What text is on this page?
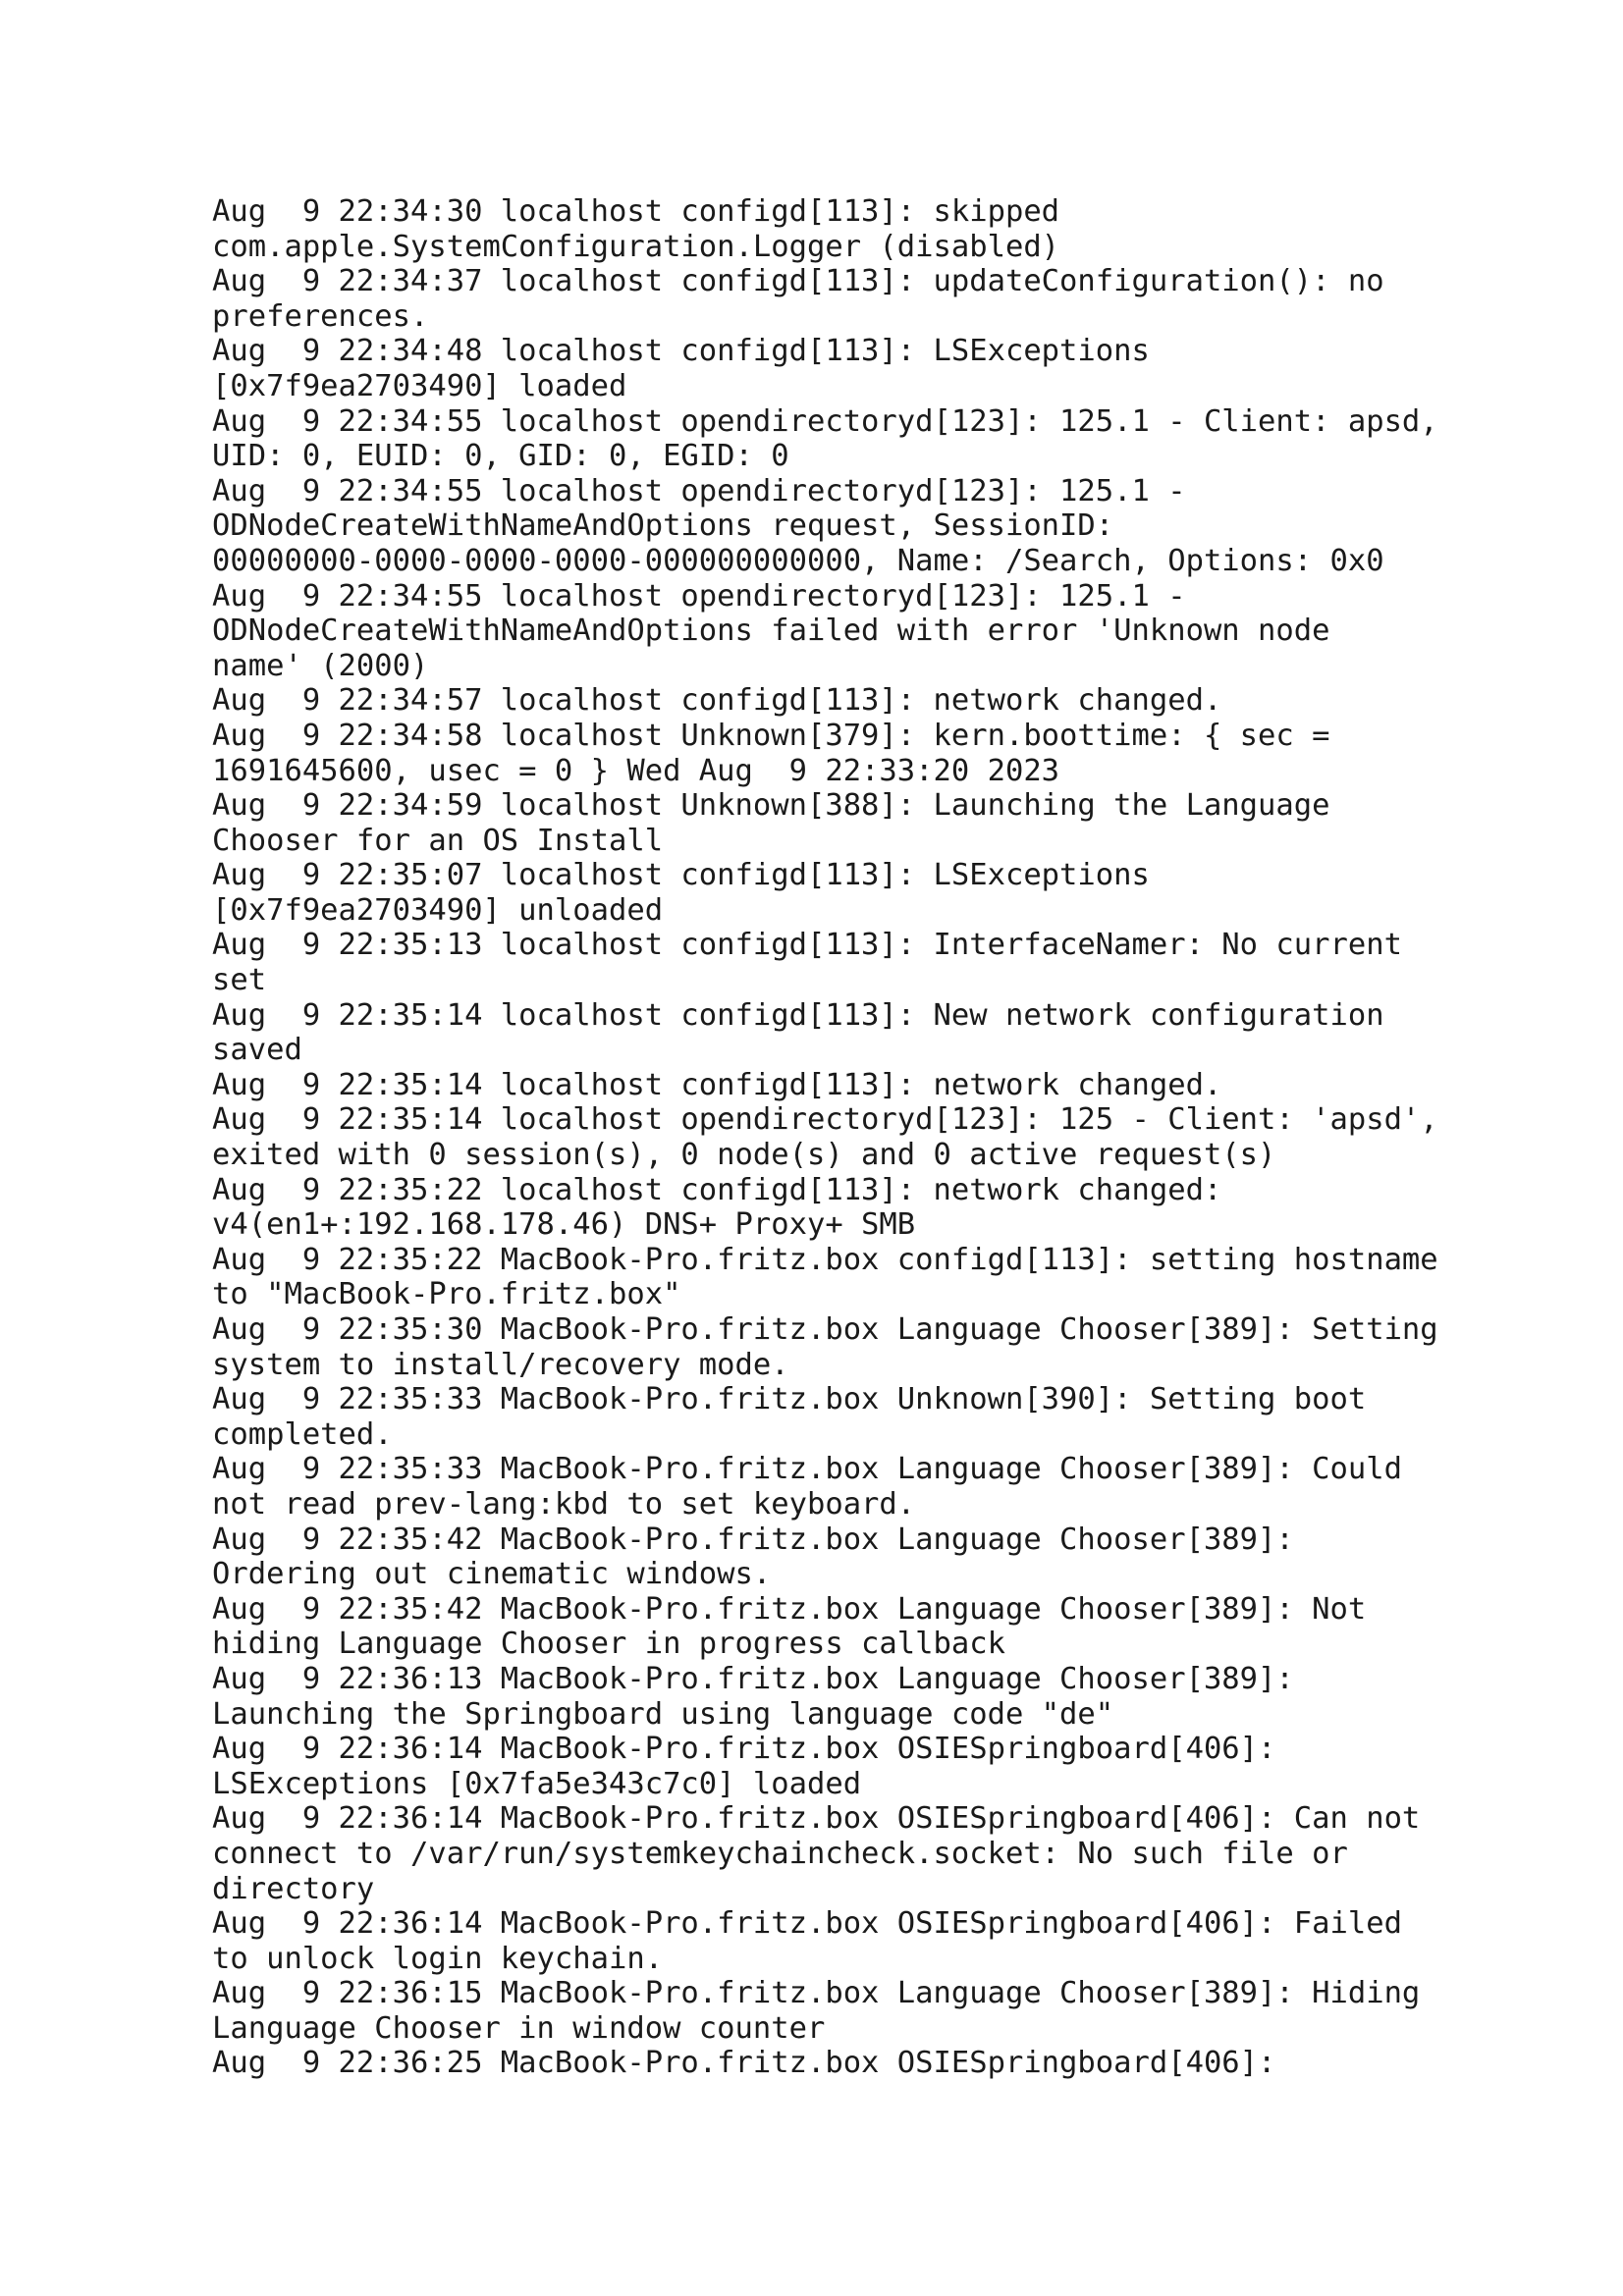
Aug  9 22:34:30 localhost configd[113]: skipped
com.apple.SystemConfiguration.Logger (disabled)
Aug  9 22:34:37 localhost configd[113]: updateConfiguration(): no
preferences.
Aug  9 22:34:48 localhost configd[113]: LSExceptions
[0x7f9ea2703490] loaded
Aug  9 22:34:55 localhost opendirectoryd[123]: 125.1 - Client: apsd,
UID: 0, EUID: 0, GID: 0, EGID: 0
Aug  9 22:34:55 localhost opendirectoryd[123]: 125.1 -
ODNodeCreateWithNameAndOptions request, SessionID:
00000000-0000-0000-0000-000000000000, Name: /Search, Options: 0x0
Aug  9 22:34:55 localhost opendirectoryd[123]: 125.1 -
ODNodeCreateWithNameAndOptions failed with error 'Unknown node
name' (2000)
Aug  9 22:34:57 localhost configd[113]: network changed.
Aug  9 22:34:58 localhost Unknown[379]: kern.boottime: { sec =
1691645600, usec = 0 } Wed Aug  9 22:33:20 2023
Aug  9 22:34:59 localhost Unknown[388]: Launching the Language
Chooser for an OS Install
Aug  9 22:35:07 localhost configd[113]: LSExceptions
[0x7f9ea2703490] unloaded
Aug  9 22:35:13 localhost configd[113]: InterfaceNamer: No current
set
Aug  9 22:35:14 localhost configd[113]: New network configuration
saved
Aug  9 22:35:14 localhost configd[113]: network changed.
Aug  9 22:35:14 localhost opendirectoryd[123]: 125 - Client: 'apsd',
exited with 0 session(s), 0 node(s) and 0 active request(s)
Aug  9 22:35:22 localhost configd[113]: network changed:
v4(en1+:192.168.178.46) DNS+ Proxy+ SMB
Aug  9 22:35:22 MacBook-Pro.fritz.box configd[113]: setting hostname
to "MacBook-Pro.fritz.box"
Aug  9 22:35:30 MacBook-Pro.fritz.box Language Chooser[389]: Setting
system to install/recovery mode.
Aug  9 22:35:33 MacBook-Pro.fritz.box Unknown[390]: Setting boot
completed.
Aug  9 22:35:33 MacBook-Pro.fritz.box Language Chooser[389]: Could
not read prev-lang:kbd to set keyboard.
Aug  9 22:35:42 MacBook-Pro.fritz.box Language Chooser[389]:
Ordering out cinematic windows.
Aug  9 22:35:42 MacBook-Pro.fritz.box Language Chooser[389]: Not
hiding Language Chooser in progress callback
Aug  9 22:36:13 MacBook-Pro.fritz.box Language Chooser[389]:
Launching the Springboard using language code "de"
Aug  9 22:36:14 MacBook-Pro.fritz.box OSIESpringboard[406]:
LSExceptions [0x7fa5e343c7c0] loaded
Aug  9 22:36:14 MacBook-Pro.fritz.box OSIESpringboard[406]: Can not
connect to /var/run/systemkeychaincheck.socket: No such file or
directory
Aug  9 22:36:14 MacBook-Pro.fritz.box OSIESpringboard[406]: Failed
to unlock login keychain.
Aug  9 22:36:15 MacBook-Pro.fritz.box Language Chooser[389]: Hiding
Language Chooser in window counter
Aug  9 22:36:25 MacBook-Pro.fritz.box OSIESpringboard[406]:
